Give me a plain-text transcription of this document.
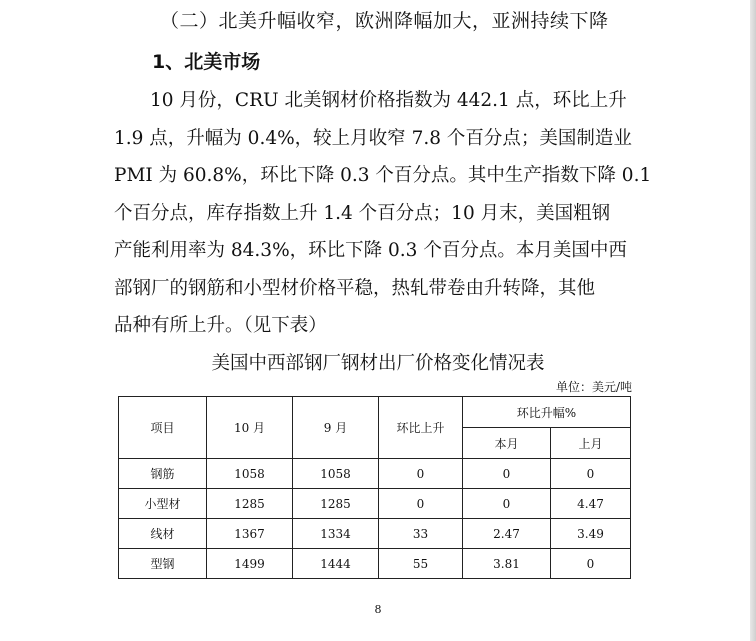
（二）北美升幅收窄，欧洲降幅加大，亚洲持续下降
1、北美市场
10 月份，CRU 北美钢材价格指数为 442.1 点，环比上升
1.9 点，升幅为 0.4%，较上月收窄 7.8 个百分点；美国制造业
PMI 为 60.8%，环比下降 0.3 个百分点。其中生产指数下降 0.1
个百分点，库存指数上升 1.4 个百分点；10 月末，美国粗钢
产能利用率为 84.3%，环比下降 0.3 个百分点。本月美国中西
部钢厂的钢筋和小型材价格平稳，热轧带卷由升转降，其他
品种有所上升。（见下表）
美国中西部钢厂钢材出厂价格变化情况表
单位：美元/吨
项目	10 月	9 月	环比上升	环比升幅%	
				本月	上月
钢筋	1058	1058	0	0	0
小型材	1285	1285	0	0	4.47
线材	1367	1334	33	2.47	3.49
型钢	1499	1444	55	3.81	0
8
